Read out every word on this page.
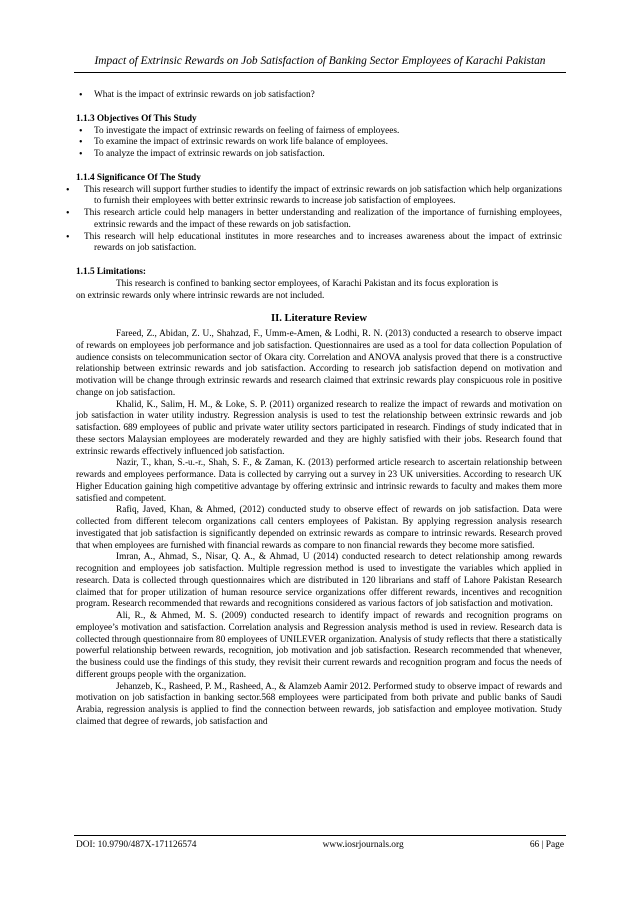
Impact of Extrinsic Rewards on Job Satisfaction of Banking Sector Employees of Karachi Pakistan
• What is the impact of extrinsic rewards on job satisfaction?
1.1.3 Objectives Of This Study
• To investigate the impact of extrinsic rewards on feeling of fairness of employees.
• To examine the impact of extrinsic rewards on work life balance of employees.
• To analyze the impact of extrinsic rewards on job satisfaction.
1.1.4 Significance Of The Study
• This research will support further studies to identify the impact of extrinsic rewards on job satisfaction which help organizations to furnish their employees with better extrinsic rewards to increase job satisfaction of employees.
• This research article could help managers in better understanding and realization of the importance of furnishing employees, extrinsic rewards and the impact of these rewards on job satisfaction.
• This research will help educational institutes in more researches and to increases awareness about the impact of extrinsic rewards on job satisfaction.
1.1.5 Limitations:
This research is confined to banking sector employees, of Karachi Pakistan and its focus exploration is
on extrinsic rewards only where intrinsic rewards are not included.
II. Literature Review
Fareed, Z., Abidan, Z. U., Shahzad, F., Umm-e-Amen, & Lodhi, R. N. (2013) conducted a research to observe impact of rewards on employees job performance and job satisfaction. Questionnaires are used as a tool for data collection Population of audience consists on telecommunication sector of Okara city. Correlation and ANOVA analysis proved that there is a constructive relationship between extrinsic rewards and job satisfaction. According to research job satisfaction depend on motivation and motivation will be change through extrinsic rewards and research claimed that extrinsic rewards play conspicuous role in positive change on job satisfaction.
Khalid, K., Salim, H. M., & Loke, S. P. (2011) organized research to realize the impact of rewards and motivation on job satisfaction in water utility industry. Regression analysis is used to test the relationship between extrinsic rewards and job satisfaction. 689 employees of public and private water utility sectors participated in research. Findings of study indicated that in these sectors Malaysian employees are moderately rewarded and they are highly satisfied with their jobs. Research found that extrinsic rewards effectively influenced job satisfaction.
Nazir, T., khan, S.-u.-r., Shah, S. F., & Zaman, K. (2013) performed article research to ascertain relationship between rewards and employees performance. Data is collected by carrying out a survey in 23 UK universities. According to research UK Higher Education gaining high competitive advantage by offering extrinsic and intrinsic rewards to faculty and makes them more satisfied and competent.
Rafiq, Javed, Khan, & Ahmed, (2012) conducted study to observe effect of rewards on job satisfaction. Data were collected from different telecom organizations call centers employees of Pakistan. By applying regression analysis research investigated that job satisfaction is significantly depended on extrinsic rewards as compare to intrinsic rewards. Research proved that when employees are furnished with financial rewards as compare to non financial rewards they become more satisfied.
Imran, A., Ahmad, S., Nisar, Q. A., & Ahmad, U (2014) conducted research to detect relationship among rewards recognition and employees job satisfaction. Multiple regression method is used to investigate the variables which applied in research. Data is collected through questionnaires which are distributed in 120 librarians and staff of Lahore Pakistan Research claimed that for proper utilization of human resource service organizations offer different rewards, incentives and recognition program. Research recommended that rewards and recognitions considered as various factors of job satisfaction and motivation.
Ali, R., & Ahmed, M. S. (2009) conducted research to identify impact of rewards and recognition programs on employee’s motivation and satisfaction. Correlation analysis and Regression analysis method is used in review. Research data is collected through questionnaire from 80 employees of UNILEVER organization. Analysis of study reflects that there a statistically powerful relationship between rewards, recognition, job motivation and job satisfaction. Research recommended that whenever, the business could use the findings of this study, they revisit their current rewards and recognition program and focus the needs of different groups people with the organization.
Jehanzeb, K., Rasheed, P. M., Rasheed, A., & Alamzeb Aamir 2012. Performed study to observe impact of rewards and motivation on job satisfaction in banking sector.568 employees were participated from both private and public banks of Saudi Arabia, regression analysis is applied to find the connection between rewards, job satisfaction and employee motivation. Study claimed that degree of rewards, job satisfaction and
DOI: 10.9790/487X-171126574	www.iosrjournals.org	66 | Page
